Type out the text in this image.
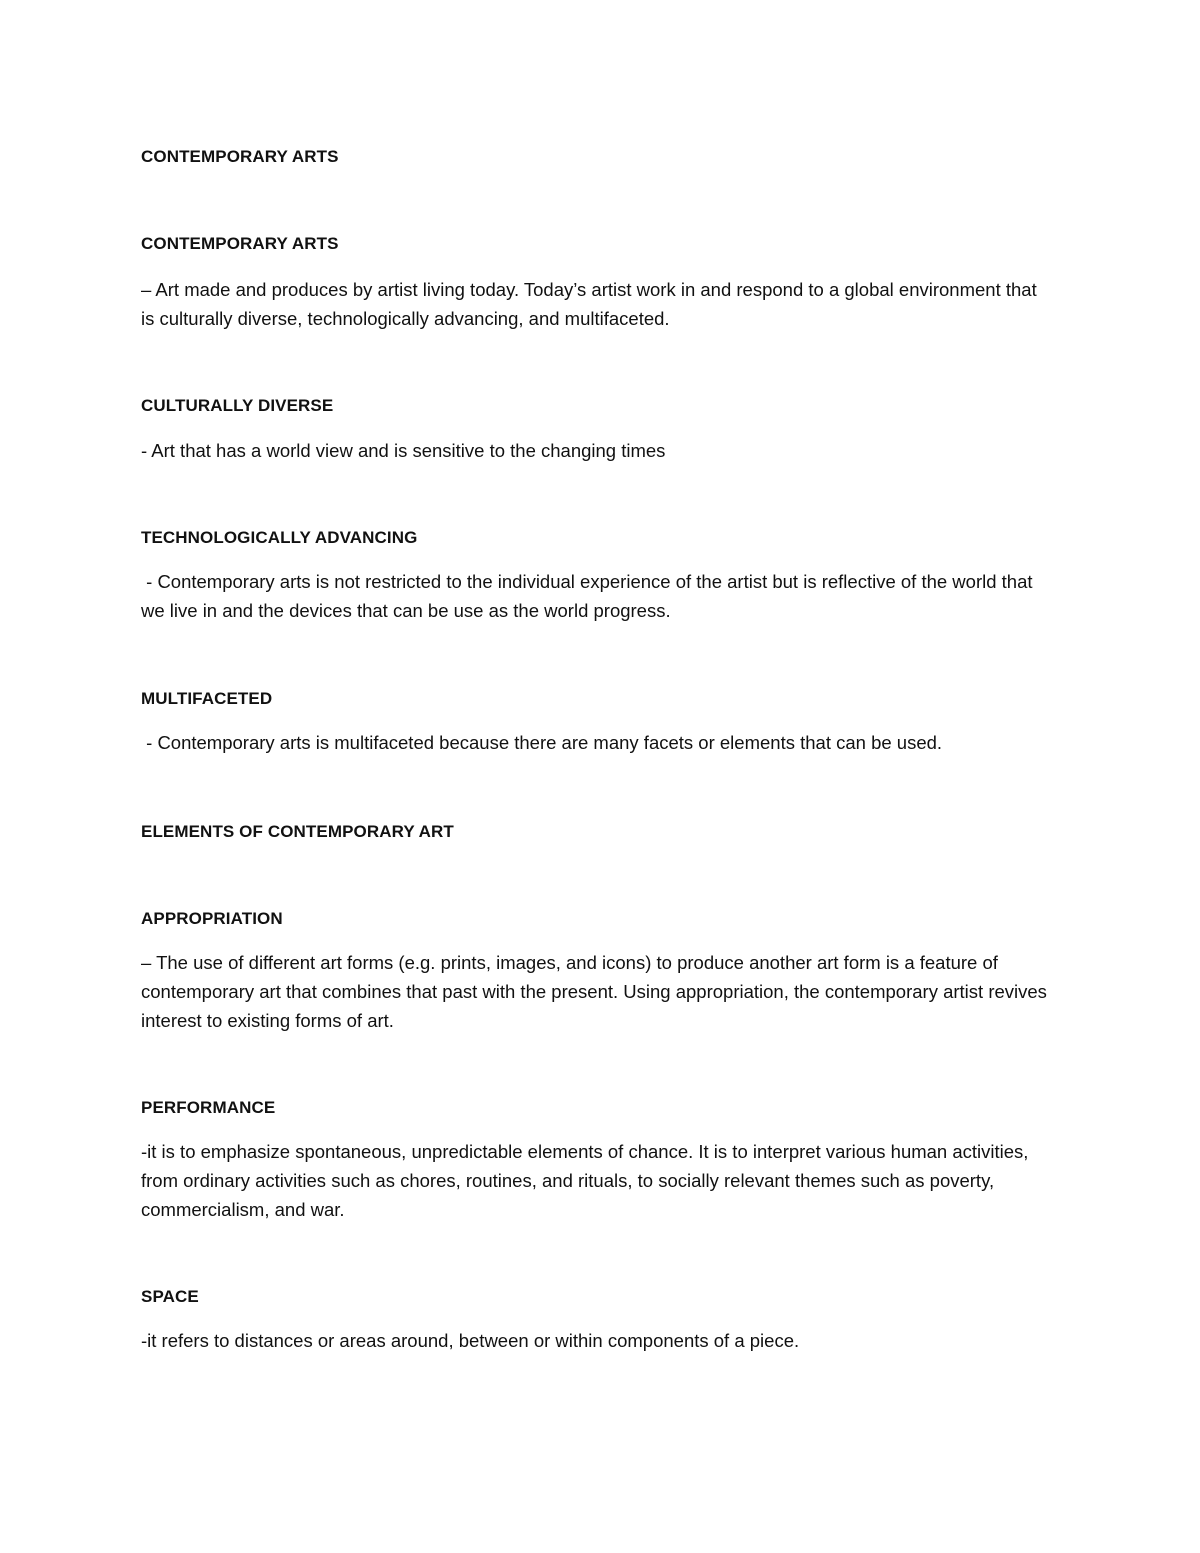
CONTEMPORARY ARTS

CONTEMPORARY ARTS

– Art made and produces by artist living today. Today’s artist work in and respond to a global environment that is culturally diverse, technologically advancing, and multifaceted.

CULTURALLY DIVERSE

- Art that has a world view and is sensitive to the changing times

TECHNOLOGICALLY ADVANCING

- Contemporary arts is not restricted to the individual experience of the artist but is reflective of the world that we live in and the devices that can be use as the world progress.

MULTIFACETED

- Contemporary arts is multifaceted because there are many facets or elements that can be used.

ELEMENTS OF CONTEMPORARY ART

APPROPRIATION

– The use of different art forms (e.g. prints, images, and icons) to produce another art form is a feature of contemporary art that combines that past with the present. Using appropriation, the contemporary artist revives interest to existing forms of art.

PERFORMANCE

-it is to emphasize spontaneous, unpredictable elements of chance. It is to interpret various human activities, from ordinary activities such as chores, routines, and rituals, to socially relevant themes such as poverty, commercialism, and war.

SPACE

-it refers to distances or areas around, between or within components of a piece.
